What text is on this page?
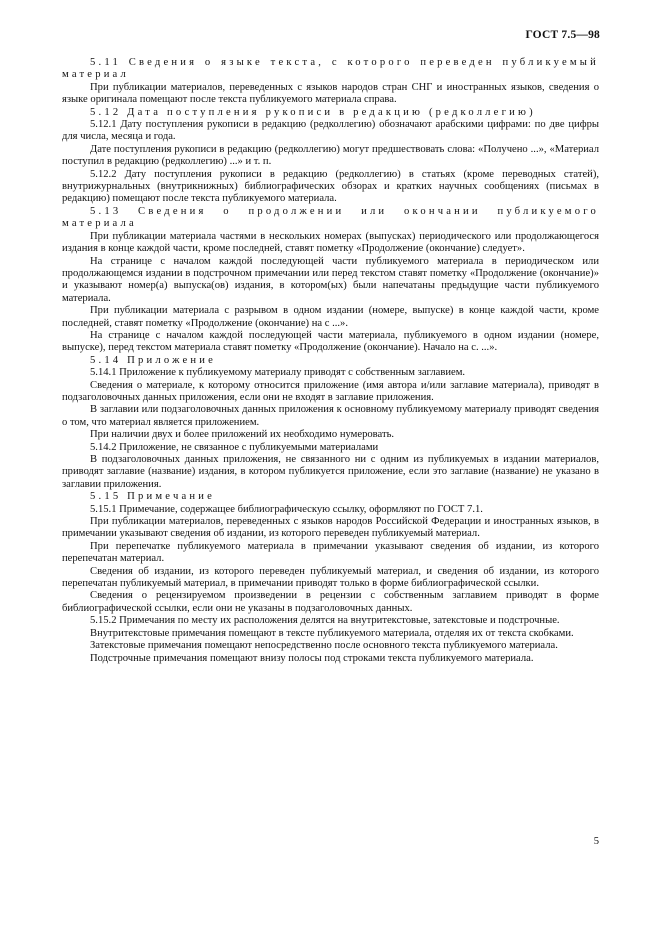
ГОСТ 7.5—98

5.11 Сведения о языке текста, с которого переведен публикуемый материал

При публикации материалов, переведенных с языков народов стран СНГ и иностранных языков, сведения о языке оригинала помещают после текста публикуемого материала справа.

5.12 Дата поступления рукописи в редакцию (редколлегию)

5.12.1 Дату поступления рукописи в редакцию (редколлегию) обозначают арабскими цифрами: по две цифры для числа, месяца и года.

Дате поступления рукописи в редакцию (редколлегию) могут предшествовать слова: «Получено ...», «Материал поступил в редакцию (редколлегию) ...» и т. п.

5.12.2 Дату поступления рукописи в редакцию (редколлегию) в статьях (кроме переводных статей), внутрижурнальных (внутрикнижных) библиографических обзорах и кратких научных сообщениях (письмах в редакцию) помещают после текста публикуемого материала.

5.13 Сведения о продолжении или окончании публикуемого материала

При публикации материала частями в нескольких номерах (выпусках) периодического или продолжающегося издания в конце каждой части, кроме последней, ставят пометку «Продолжение (окончание) следует».

На странице с началом каждой последующей части публикуемого материала в периодическом или продолжающемся издании в подстрочном примечании или перед текстом ставят пометку «Продолжение (окончание)» и указывают номер(а) выпуска(ов) издания, в котором(ых) были напечатаны предыдущие части публикуемого материала.

При публикации материала с разрывом в одном издании (номере, выпуске) в конце каждой части, кроме последней, ставят пометку «Продолжение (окончание) на с ...».

На странице с началом каждой последующей части материала, публикуемого в одном издании (номере, выпуске), перед текстом материала ставят пометку «Продолжение (окончание). Начало на с. ...».

5.14 Приложение

5.14.1 Приложение к публикуемому материалу приводят с собственным заглавием.

Сведения о материале, к которому относится приложение (имя автора и/или заглавие материала), приводят в подзаголовочных данных приложения, если они не входят в заглавие приложения.

В заглавии или подзаголовочных данных приложения к основному публикуемому материалу приводят сведения о том, что материал является приложением.

При наличии двух и более приложений их необходимо нумеровать.

5.14.2 Приложение, не связанное с публикуемыми материалами

В подзаголовочных данных приложения, не связанного ни с одним из публикуемых в издании материалов, приводят заглавие (название) издания, в котором публикуется приложение, если это заглавие (название) не указано в заглавии приложения.

5.15 Примечание

5.15.1 Примечание, содержащее библиографическую ссылку, оформляют по ГОСТ 7.1.

При публикации материалов, переведенных с языков народов Российской Федерации и иностранных языков, в примечании указывают сведения об издании, из которого переведен публикуемый материал.

При перепечатке публикуемого материала в примечании указывают сведения об издании, из которого перепечатан материал.

Сведения об издании, из которого переведен публикуемый материал, и сведения об издании, из которого перепечатан публикуемый материал, в примечании приводят только в форме библиографической ссылки.

Сведения о рецензируемом произведении в рецензии с собственным заглавием приводят в форме библиографической ссылки, если они не указаны в подзаголовочных данных.

5.15.2 Примечания по месту их расположения делятся на внутритекстовые, затекстовые и подстрочные.

Внутритекстовые примечания помещают в тексте публикуемого материала, отделяя их от текста скобками.

Затекстовые примечания помещают непосредственно после основного текста публикуемого материала.

Подстрочные примечания помещают внизу полосы под строками текста публикуемого материала.

5
